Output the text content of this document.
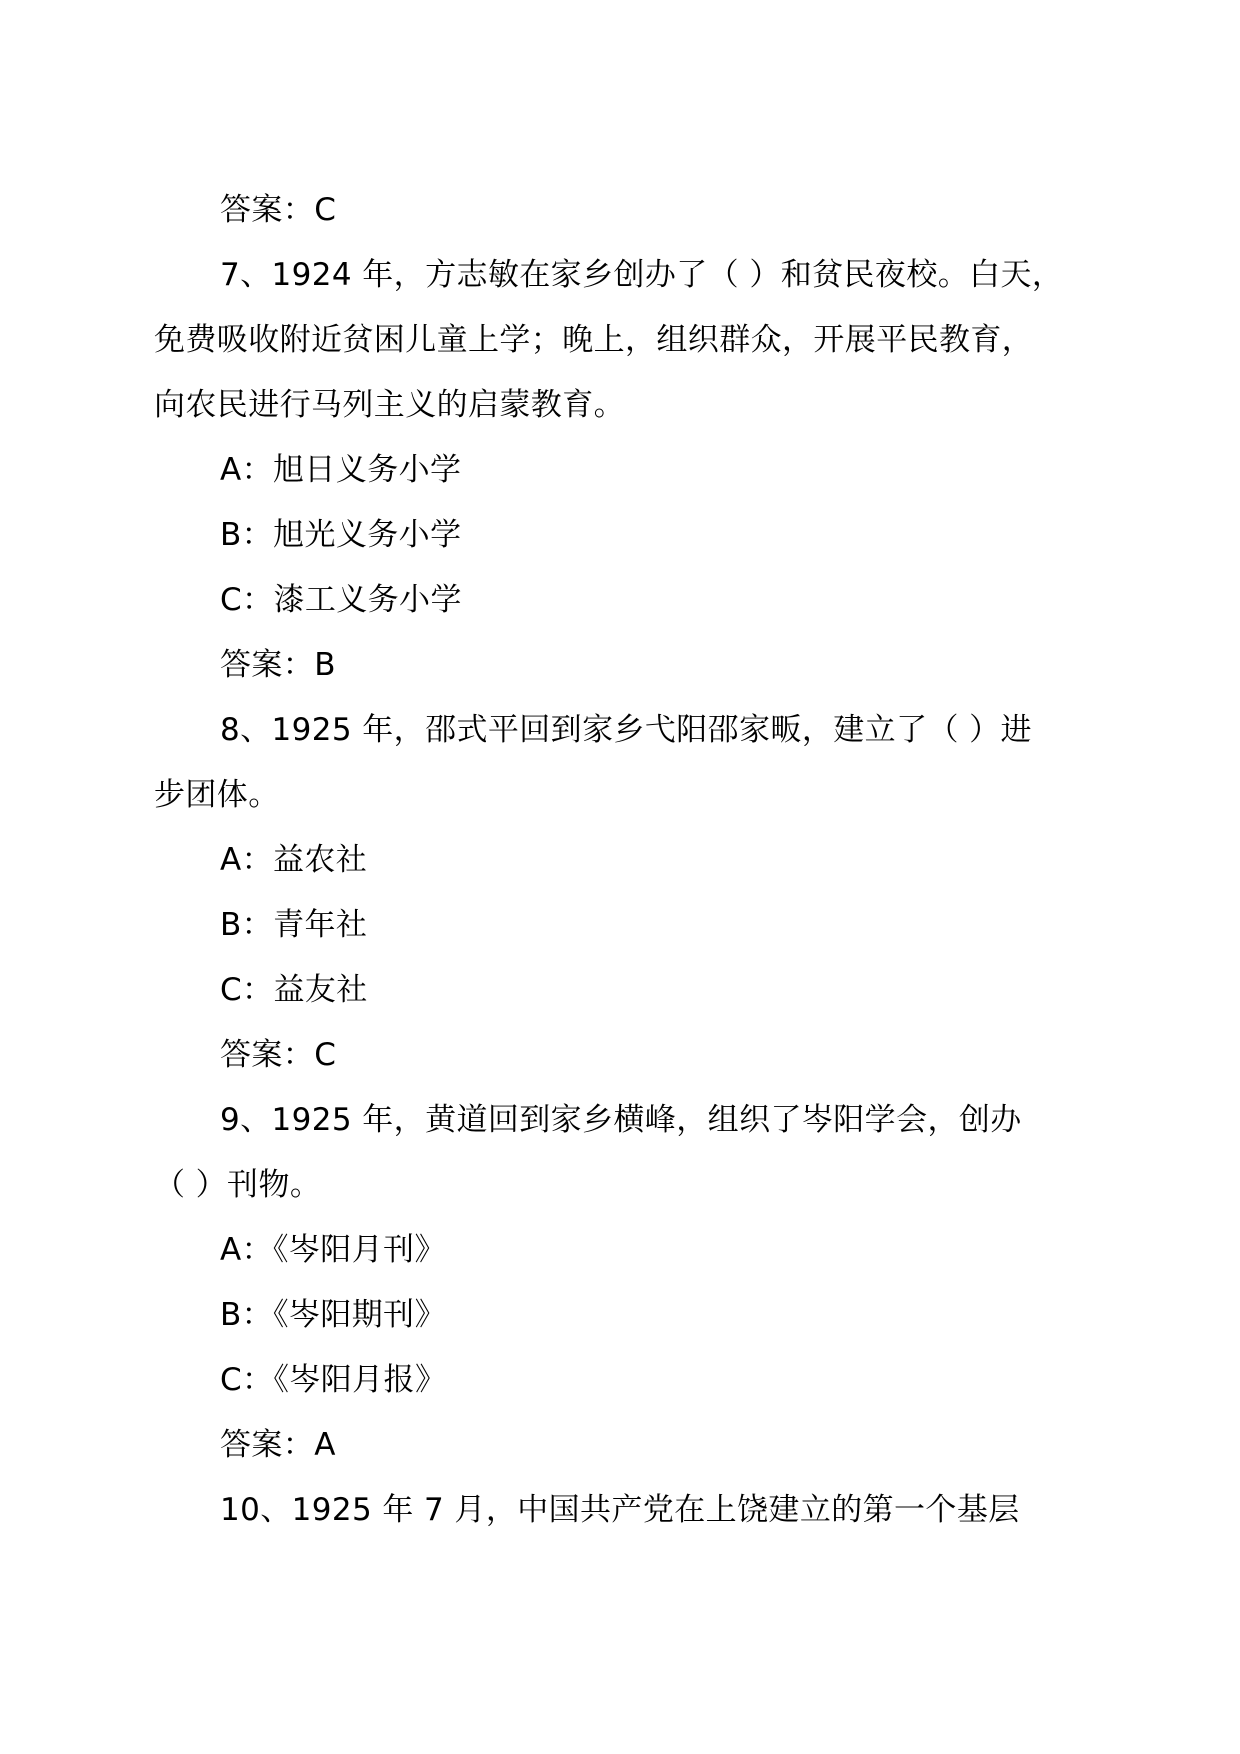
答案：C
7、1924 年，方志敏在家乡创办了（ ）和贫民夜校。白天，
免费吸收附近贫困儿童上学；晚上，组织群众，开展平民教育，
向农民进行马列主义的启蒙教育。
A：旭日义务小学
B：旭光义务小学
C：漆工义务小学
答案：B
8、1925 年，邵式平回到家乡弋阳邵家畈，建立了（ ）进
步团体。
A：益农社
B：青年社
C：益友社
答案：C
9、1925 年，黄道回到家乡横峰，组织了岑阳学会，创办
（ ）刊物。
A：《岑阳月刊》
B：《岑阳期刊》
C：《岑阳月报》
答案：A
10、1925 年 7 月，中国共产党在上饶建立的第一个基层
